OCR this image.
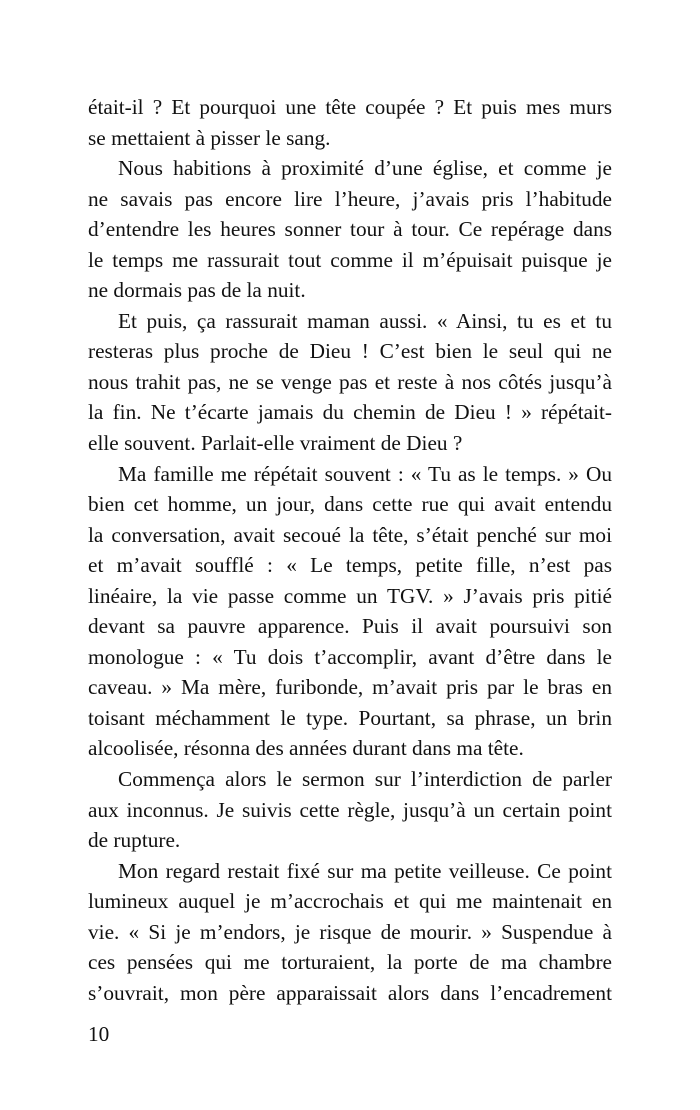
était-il ? Et pourquoi une tête coupée ? Et puis mes murs
se mettaient à pisser le sang.
Nous habitions à proximité d’une église, et comme je
ne savais pas encore lire l’heure, j’avais pris l’habitude
d’entendre les heures sonner tour à tour. Ce repérage dans
le temps me rassurait tout comme il m’épuisait puisque je
ne dormais pas de la nuit.
Et puis, ça rassurait maman aussi. « Ainsi, tu es et tu
resteras plus proche de Dieu ! C’est bien le seul qui ne
nous trahit pas, ne se venge pas et reste à nos côtés jusqu’à
la fin. Ne t’écarte jamais du chemin de Dieu ! » répétait-
elle souvent. Parlait-elle vraiment de Dieu ?
Ma famille me répétait souvent : « Tu as le temps. » Ou
bien cet homme, un jour, dans cette rue qui avait entendu
la conversation, avait secoué la tête, s’était penché sur moi
et m’avait soufflé : « Le temps, petite fille, n’est pas
linéaire, la vie passe comme un TGV. » J’avais pris pitié
devant sa pauvre apparence. Puis il avait poursuivi son
monologue : « Tu dois t’accomplir, avant d’être dans le
caveau. » Ma mère, furibonde, m’avait pris par le bras en
toisant méchamment le type. Pourtant, sa phrase, un brin
alcoolisée, résonna des années durant dans ma tête.
Commença alors le sermon sur l’interdiction de parler
aux inconnus. Je suivis cette règle, jusqu’à un certain point
de rupture.
Mon regard restait fixé sur ma petite veilleuse. Ce point
lumineux auquel je m’accrochais et qui me maintenait en
vie. « Si je m’endors, je risque de mourir. » Suspendue à
ces pensées qui me torturaient, la porte de ma chambre
s’ouvrait, mon père apparaissait alors dans l’encadrement
10
